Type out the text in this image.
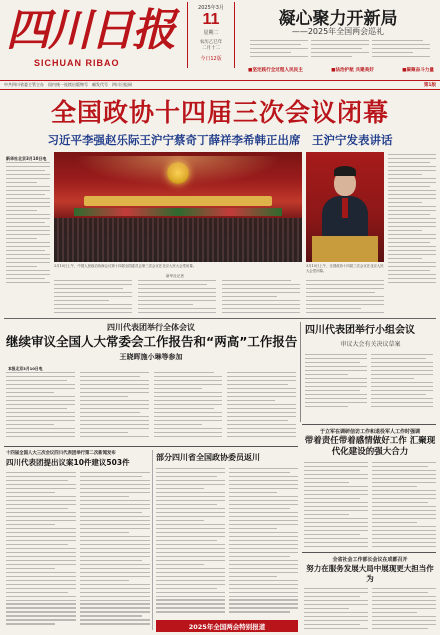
四川日报
SICHUAN RIBAO
2025年3月
11
星期二
农历乙巳年
二月十二
今日12版
凝心聚力开新局
——2025年全国两会巡礼
■坚定践行全过程人民民主	■法治护航 共建美好	■凝聚奋斗力量
中共四川省委主管主办　国内统一连续出版物号　邮发代号　四川日报网	第1版
全国政协十四届三次会议闭幕
习近平李强赵乐际王沪宁蔡奇丁薛祥李希韩正出席　王沪宁发表讲话
新华社北京3月10日电
3月10日上午，中国人民政治协商会议第十四届全国委员会第三次会议在北京人民大会堂闭幕。	3月10日上午，全国政协十四届三次会议在北京人民大会堂闭幕。
新华社记者
四川代表团举行全体会议
继续审议全国人大常委会工作报告和“两高”工作报告
王晓晖施小琳等参加
本报北京3月10日电
四川代表团举行小组会议
审议大会有关决议草案
于立军在调研信访工作和退役军人工作时强调
带着责任带着感情做好工作 汇聚现代化建设的强大合力
全省社会工作部长会议在成都召开
努力在服务发展大局中展现更大担当作为
十四届全国人大三次会议四川代表团举行第二次新闻发布
四川代表团提出议案10件建议503件
部分四川省全国政协委员返川
2025年全国两会特别报道
